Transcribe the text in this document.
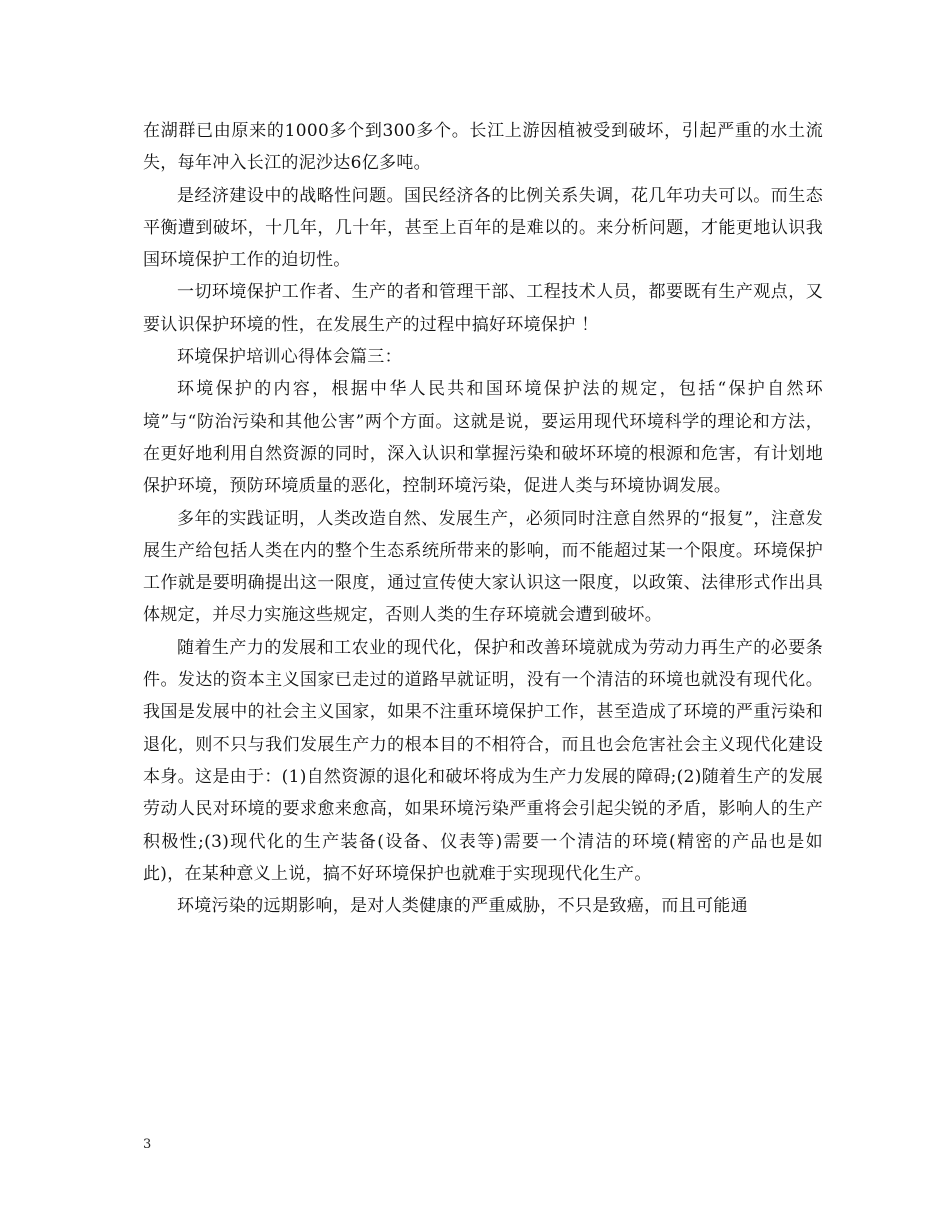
在湖群已由原来的1000多个到300多个。长江上游因植被受到破坏，引起严重的水土流失，每年冲入长江的泥沙达6亿多吨。

是经济建设中的战略性问题。国民经济各的比例关系失调，花几年功夫可以。而生态平衡遭到破坏，十几年，几十年，甚至上百年的是难以的。来分析问题，才能更地认识我国环境保护工作的迫切性。

一切环境保护工作者、生产的者和管理干部、工程技术人员，都要既有生产观点，又要认识保护环境的性，在发展生产的过程中搞好环境保护 ！

环境保护培训心得体会篇三：

环境保护的内容，根据中华人民共和国环境保护法的规定，包括“保护自然环境”与“防治污染和其他公害”两个方面。这就是说，要运用现代环境科学的理论和方法，在更好地利用自然资源的同时，深入认识和掌握污染和破坏环境的根源和危害，有计划地保护环境，预防环境质量的恶化，控制环境污染，促进人类与环境协调发展。

多年的实践证明，人类改造自然、发展生产，必须同时注意自然界的“报复”，注意发展生产给包括人类在内的整个生态系统所带来的影响，而不能超过某一个限度。环境保护工作就是要明确提出这一限度，通过宣传使大家认识这一限度，以政策、法律形式作出具体规定，并尽力实施这些规定，否则人类的生存环境就会遭到破坏。

随着生产力的发展和工农业的现代化，保护和改善环境就成为劳动力再生产的必要条件。发达的资本主义国家已走过的道路早就证明，没有一个清洁的环境也就没有现代化。我国是发展中的社会主义国家，如果不注重环境保护工作，甚至造成了环境的严重污染和退化，则不只与我们发展生产力的根本目的不相符合，而且也会危害社会主义现代化建设本身。这是由于：(1)自然资源的退化和破坏将成为生产力发展的障碍;(2)随着生产的发展劳动人民对环境的要求愈来愈高，如果环境污染严重将会引起尖锐的矛盾，影响人的生产积极性;(3)现代化的生产装备(设备、仪表等)需要一个清洁的环境(精密的产品也是如此)，在某种意义上说，搞不好环境保护也就难于实现现代化生产。

环境污染的远期影响，是对人类健康的严重威胁，不只是致癌，而且可能通

3
